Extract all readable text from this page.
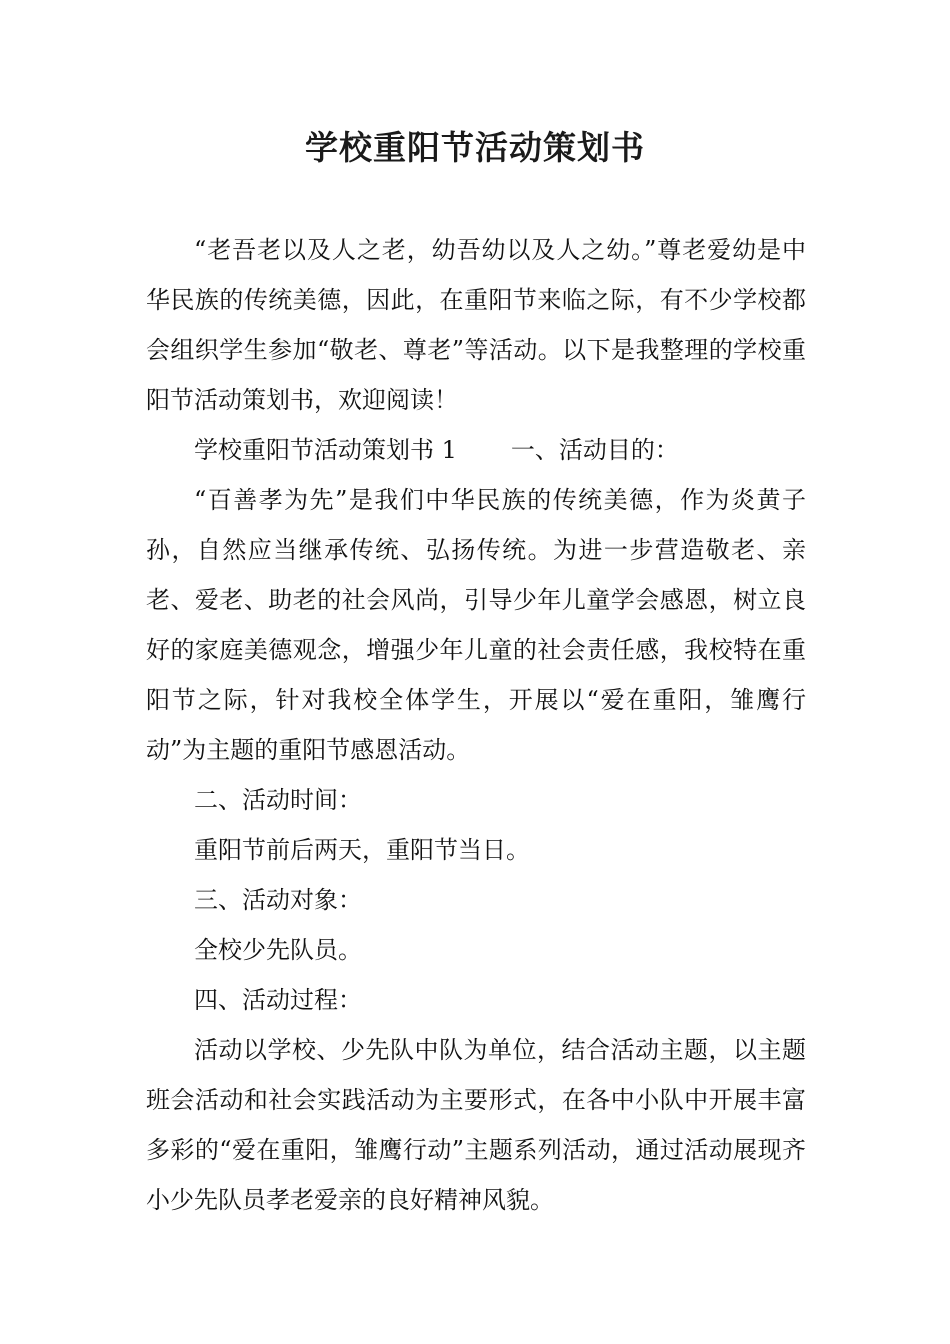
学校重阳节活动策划书

“老吾老以及人之老，幼吾幼以及人之幼。”尊老爱幼是中华民族的传统美德，因此，在重阳节来临之际，有不少学校都会组织学生参加“敬老、尊老”等活动。以下是我整理的学校重阳节活动策划书，欢迎阅读！

学校重阳节活动策划书 1 一、活动目的：

“百善孝为先”是我们中华民族的传统美德，作为炎黄子孙，自然应当继承传统、弘扬传统。为进一步营造敬老、亲老、爱老、助老的社会风尚，引导少年儿童学会感恩，树立良好的家庭美德观念，增强少年儿童的社会责任感，我校特在重阳节之际，针对我校全体学生，开展以“爱在重阳，雏鹰行动”为主题的重阳节感恩活动。

二、活动时间：

重阳节前后两天，重阳节当日。

三、活动对象：

全校少先队员。

四、活动过程：

活动以学校、少先队中队为单位，结合活动主题，以主题班会活动和社会实践活动为主要形式，在各中小队中开展丰富多彩的“爱在重阳，雏鹰行动”主题系列活动，通过活动展现齐小少先队员孝老爱亲的良好精神风貌。
